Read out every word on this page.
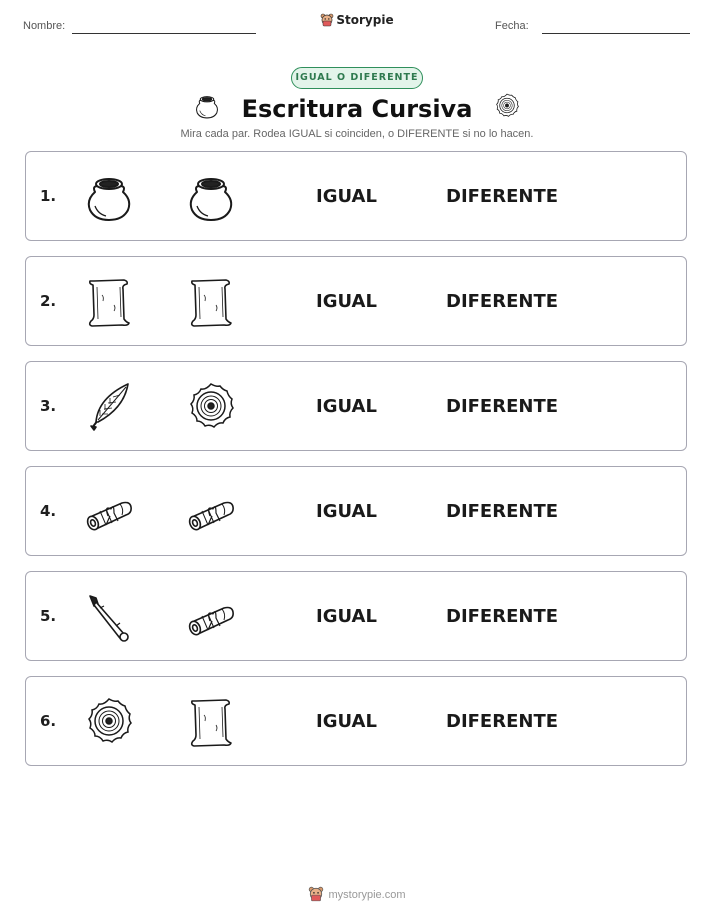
Nombre:	Storypie	Fecha:
IGUAL O DIFERENTE
Escritura Cursiva
Mira cada par. Rodea IGUAL si coinciden, o DIFERENTE si no lo hacen.
1.	IGUAL	DIFERENTE
2.	IGUAL	DIFERENTE
3.	IGUAL	DIFERENTE
4.	IGUAL	DIFERENTE
5.	IGUAL	DIFERENTE
6.	IGUAL	DIFERENTE
mystorypie.com
